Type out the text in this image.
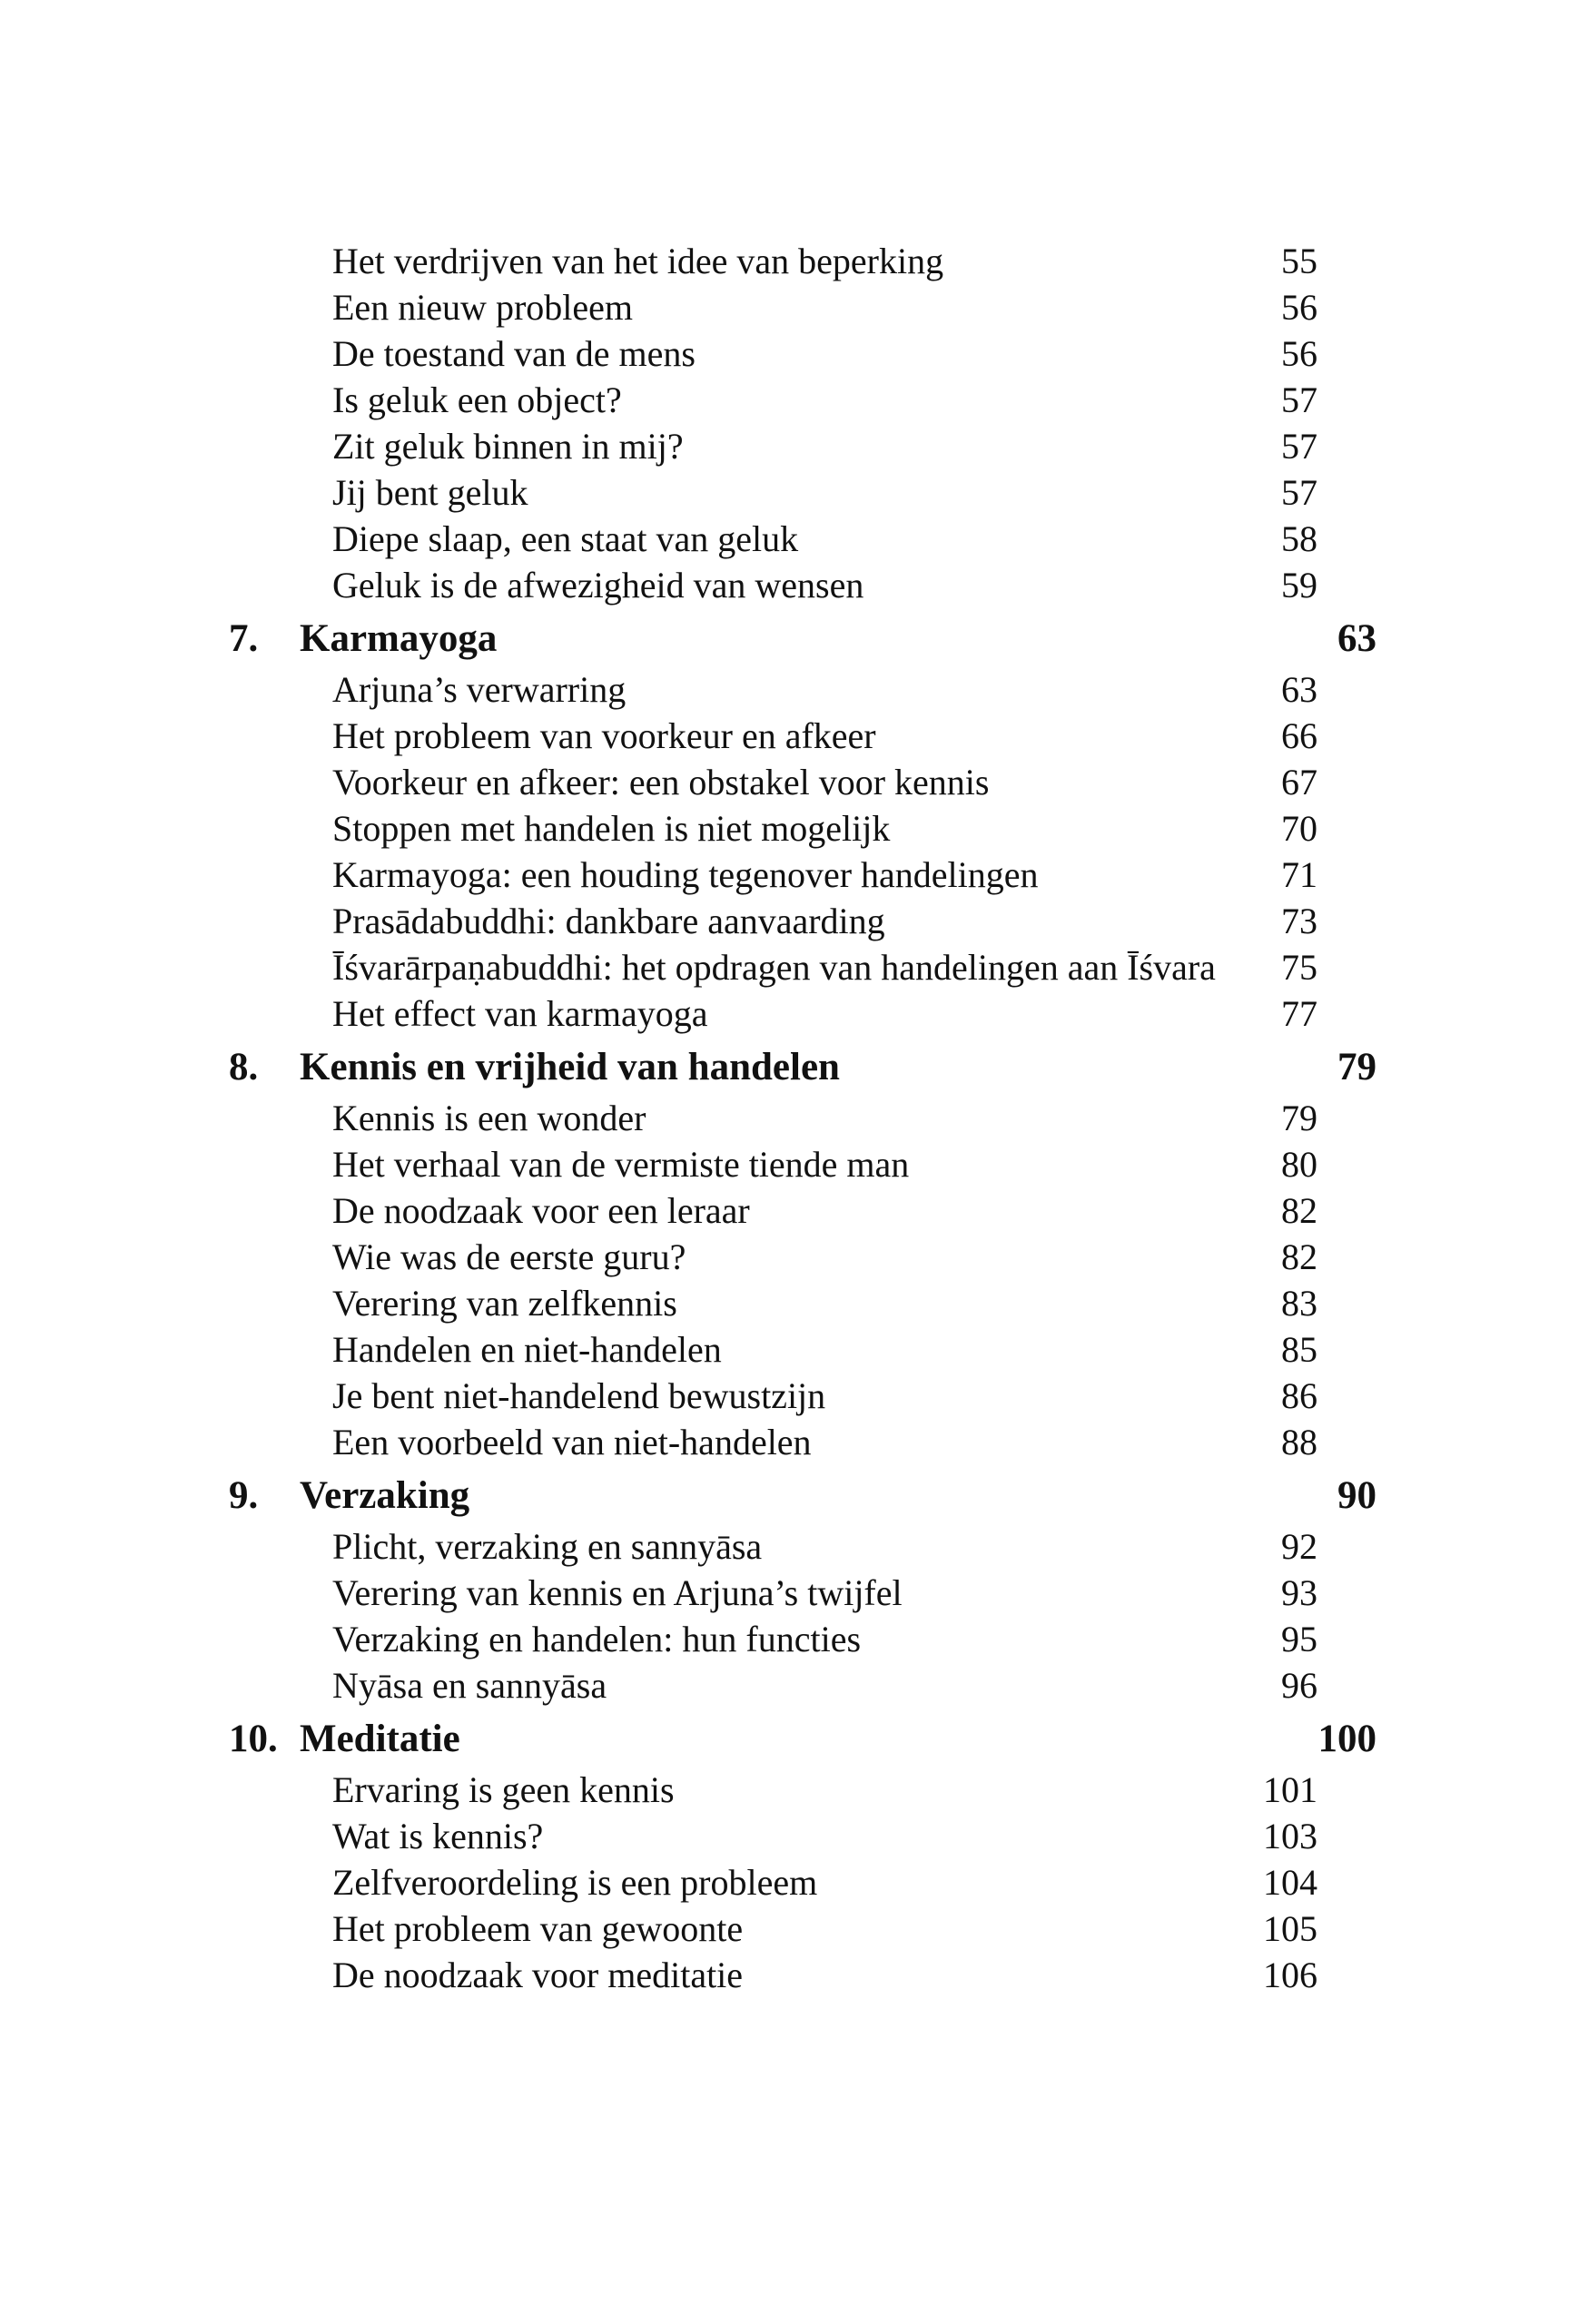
Het verdrijven van het idee van beperking	55
Een nieuw probleem	56
De toestand van de mens	56
Is geluk een object?	57
Zit geluk binnen in mij?	57
Jij bent geluk	57
Diepe slaap, een staat van geluk	58
Geluk is de afwezigheid van wensen	59
7. Karmayoga	63
Arjuna’s verwarring	63
Het probleem van voorkeur en afkeer	66
Voorkeur en afkeer: een obstakel voor kennis	67
Stoppen met handelen is niet mogelijk	70
Karmayoga: een houding tegenover handelingen	71
Prasādabuddhi: dankbare aanvaarding	73
Īśvarārpaṇabuddhi: het opdragen van handelingen aan Īśvara 75
Het effect van karmayoga	77
8. Kennis en vrijheid van handelen	79
Kennis is een wonder	79
Het verhaal van de vermiste tiende man	80
De noodzaak voor een leraar	82
Wie was de eerste guru?	82
Verering van zelfkennis	83
Handelen en niet-handelen	85
Je bent niet-handelend bewustzijn	86
Een voorbeeld van niet-handelen	88
9. Verzaking	90
Plicht, verzaking en sannyāsa	92
Verering van kennis en Arjuna’s twijfel	93
Verzaking en handelen: hun functies	95
Nyāsa en sannyāsa	96
10. Meditatie	100
Ervaring is geen kennis	101
Wat is kennis?	103
Zelfveroordeling is een probleem	104
Het probleem van gewoonte	105
De noodzaak voor meditatie	106
